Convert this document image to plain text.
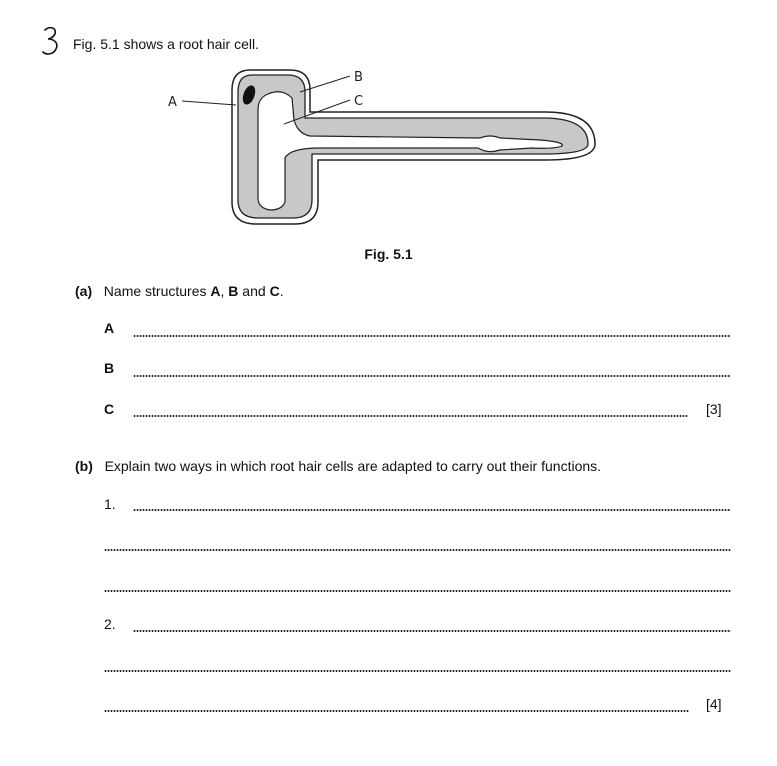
Fig. 5.1 shows a root hair cell.
A
B
C
Fig. 5.1
(a) Name structures A, B and C.
A
B
C	[3]
(b) Explain two ways in which root hair cells are adapted to carry out their functions.
1.
2.
[4]
